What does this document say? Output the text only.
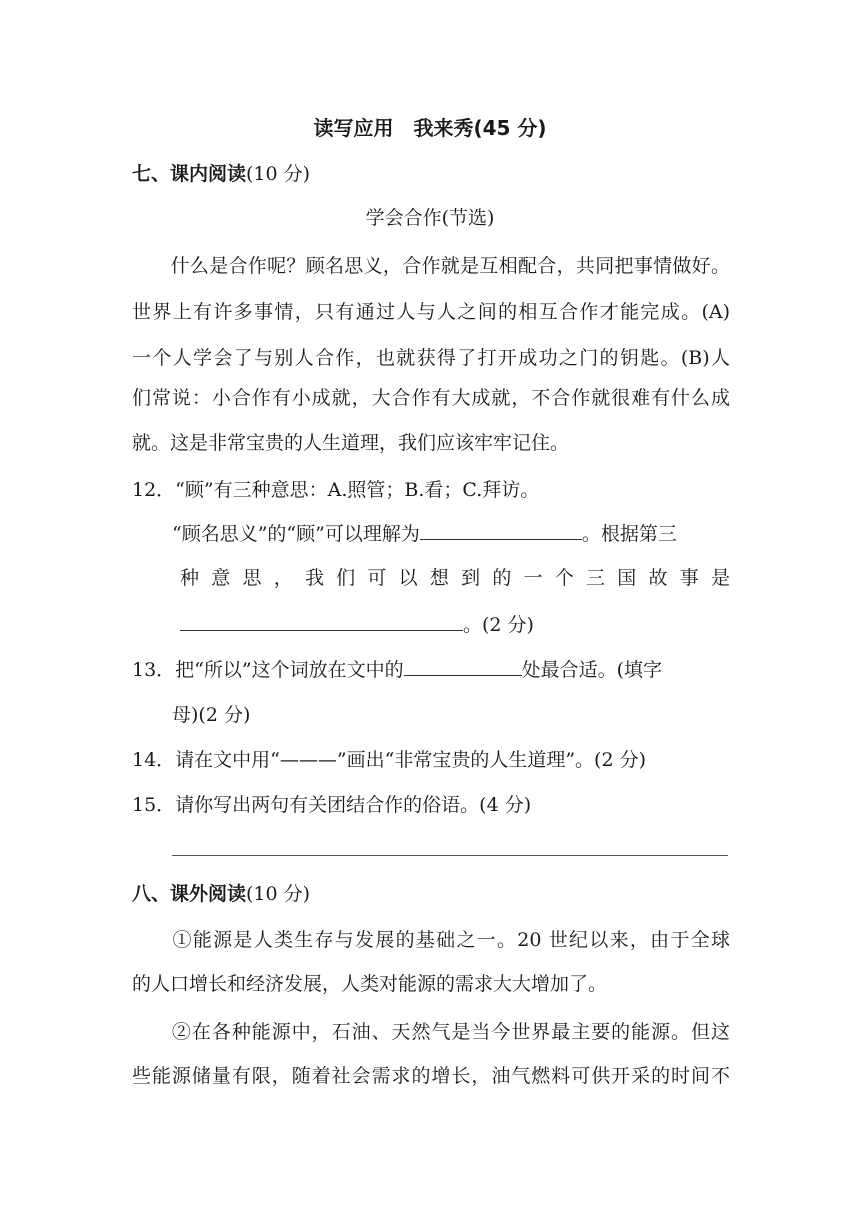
读写应用　我来秀(45 分)
七、课内阅读(10 分)
学会合作(节选)
　　什么是合作呢？顾名思义，合作就是互相配合，共同把事情做好。
世界上有许多事情，只有通过人与人之间的相互合作才能完成。(A)
一个人学会了与别人合作，也就获得了打开成功之门的钥匙。(B)人
们常说：小合作有小成就，大合作有大成就，不合作就很难有什么成
就。这是非常宝贵的人生道理，我们应该牢牢记住。
12．“顾”有三种意思：A.照管；B.看；C.拜访。
“顾名思义”的“顾”可以理解为	。根据第三
种 意 思 ， 我 们 可 以 想 到 的 一 个 三 国 故 事 是
。(2 分)
13．把“所以”这个词放在文中的	处最合适。(填字
母)(2 分)
14．请在文中用“———”画出“非常宝贵的人生道理”。(2 分)
15．请你写出两句有关团结合作的俗语。(4 分)
八、课外阅读(10 分)
　　①能源是人类生存与发展的基础之一。20 世纪以来，由于全球
的人口增长和经济发展，人类对能源的需求大大增加了。
　　②在各种能源中，石油、天然气是当今世界最主要的能源。但这
些能源储量有限，随着社会需求的增长，油气燃料可供开采的时间不
